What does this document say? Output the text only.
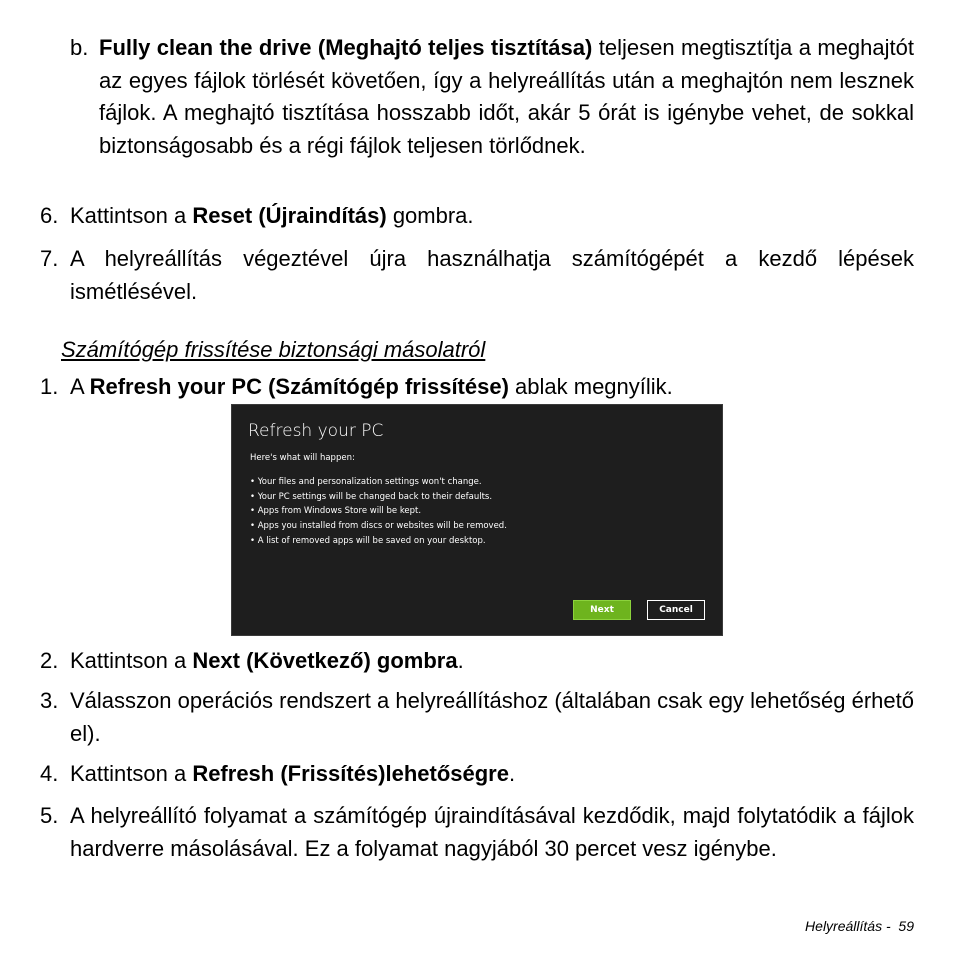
b. Fully clean the drive (Meghajtó teljes tisztítása) teljesen megtisztítja a meghajtót az egyes fájlok törlését követően, így a helyreállítás után a meghajtón nem lesznek fájlok. A meghajtó tisztítása hosszabb időt, akár 5 órát is igénybe vehet, de sokkal biztonságosabb és a régi fájlok teljesen törlődnek.
6. Kattintson a Reset (Újraindítás) gombra.
7. A helyreállítás végeztével újra használhatja számítógépét a kezdő lépések ismétlésével.
Számítógép frissítése biztonsági másolatról
1. A Refresh your PC (Számítógép frissítése) ablak megnyílik.
Refresh your PC
Here's what will happen:
• Your files and personalization settings won't change.
• Your PC settings will be changed back to their defaults.
• Apps from Windows Store will be kept.
• Apps you installed from discs or websites will be removed.
• A list of removed apps will be saved on your desktop.
Next	Cancel
2. Kattintson a Next (Következő) gombra.
3. Válasszon operációs rendszert a helyreállításhoz (általában csak egy lehetőség érhető el).
4. Kattintson a Refresh (Frissítés)lehetőségre.
5. A helyreállító folyamat a számítógép újraindításával kezdődik, majd folytatódik a fájlok hardverre másolásával. Ez a folyamat nagyjából 30 percet vesz igénybe.
Helyreállítás - 59
